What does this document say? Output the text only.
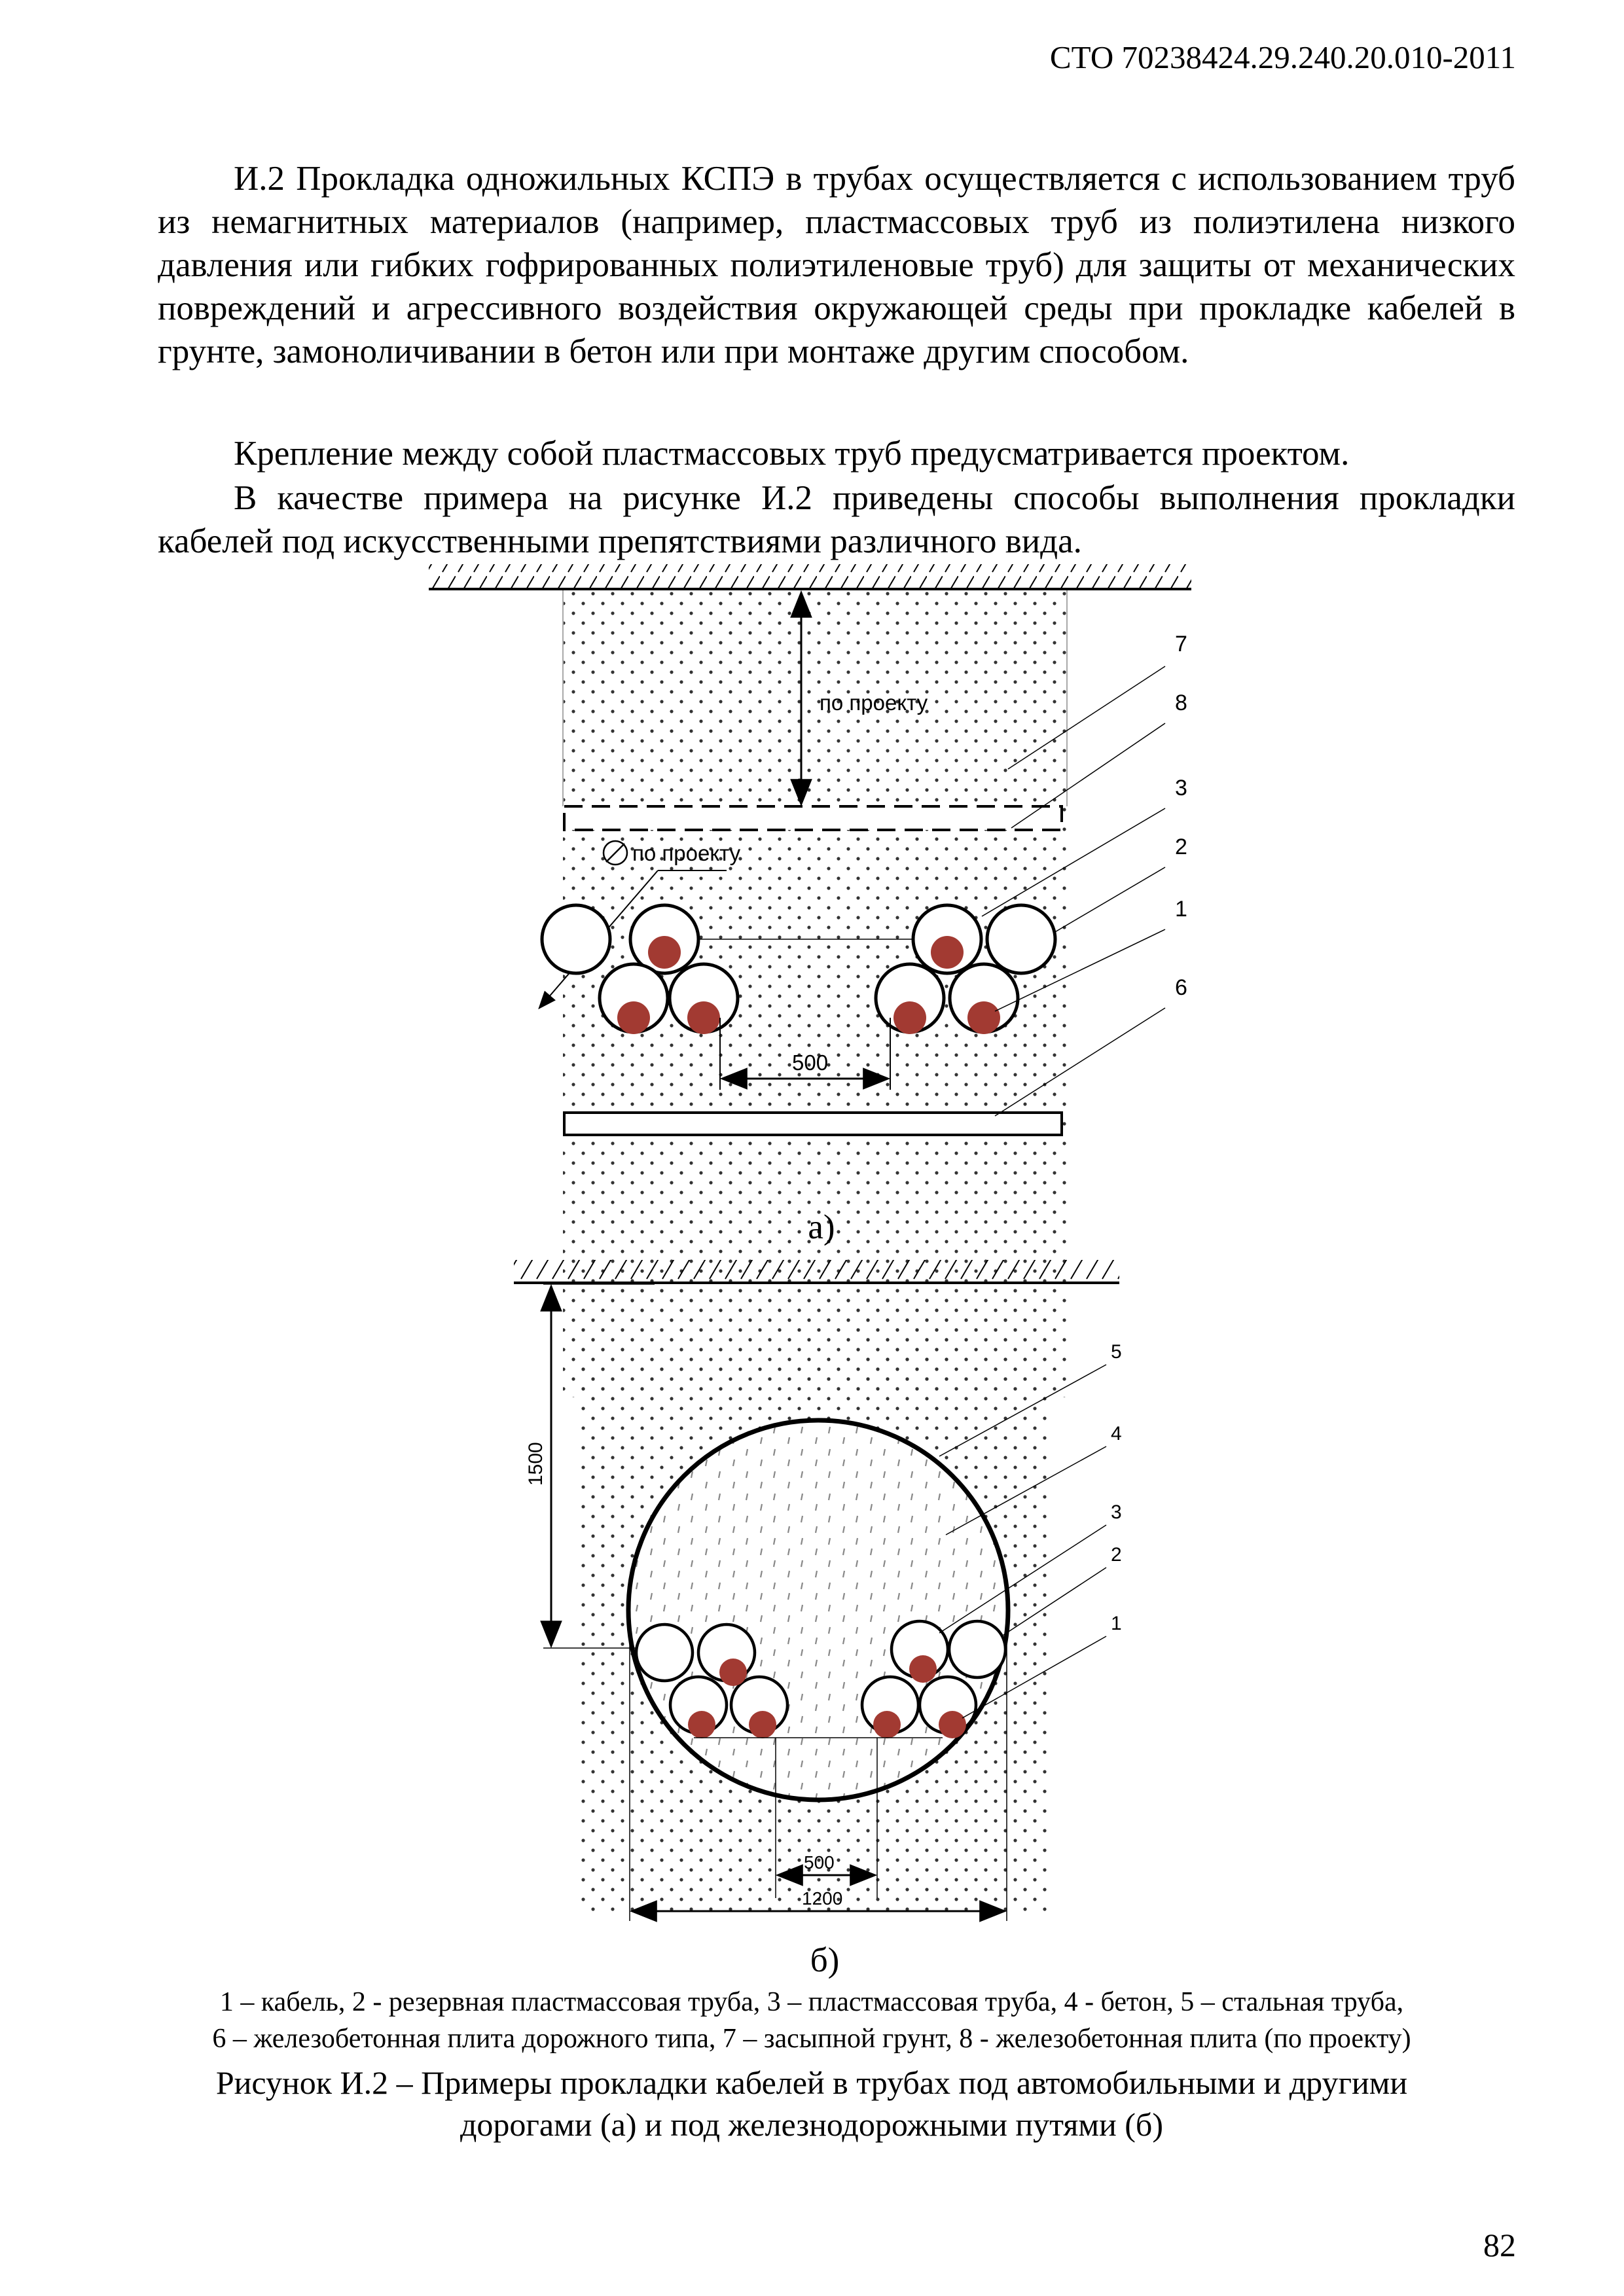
СТО 70238424.29.240.20.010-2011

И.2 Прокладка одножильных КСПЭ в трубах осуществляется с использованием труб из немагнитных материалов (например, пластмассовых труб из полиэтилена низкого давления или гибких гофрированных полиэтиленовые труб) для защиты от механических повреждений и агрессивного воздействия окружающей среды при прокладке кабелей в грунте, замоноличивании в бетон или при монтаже другим способом.

Крепление между собой пластмассовых труб предусматривается проектом.

В качестве примера на рисунке И.2 приведены способы выполнения прокладки кабелей под искусственными препятствиями различного вида.

по проекту
по проекту
500
7
8
3
2
1
6
1500
500
1200
5
4
3
2
1
а)
б)
1 – кабель, 2 - резервная пластмассовая труба, 3 – пластмассовая труба, 4 - бетон, 5 – стальная труба,
6 – железобетонная плита дорожного типа, 7 – засыпной грунт, 8 - железобетонная плита (по проекту)
Рисунок И.2 – Примеры прокладки кабелей в трубах под автомобильными и другими
дорогами (а) и под железнодорожными путями (б)
82
